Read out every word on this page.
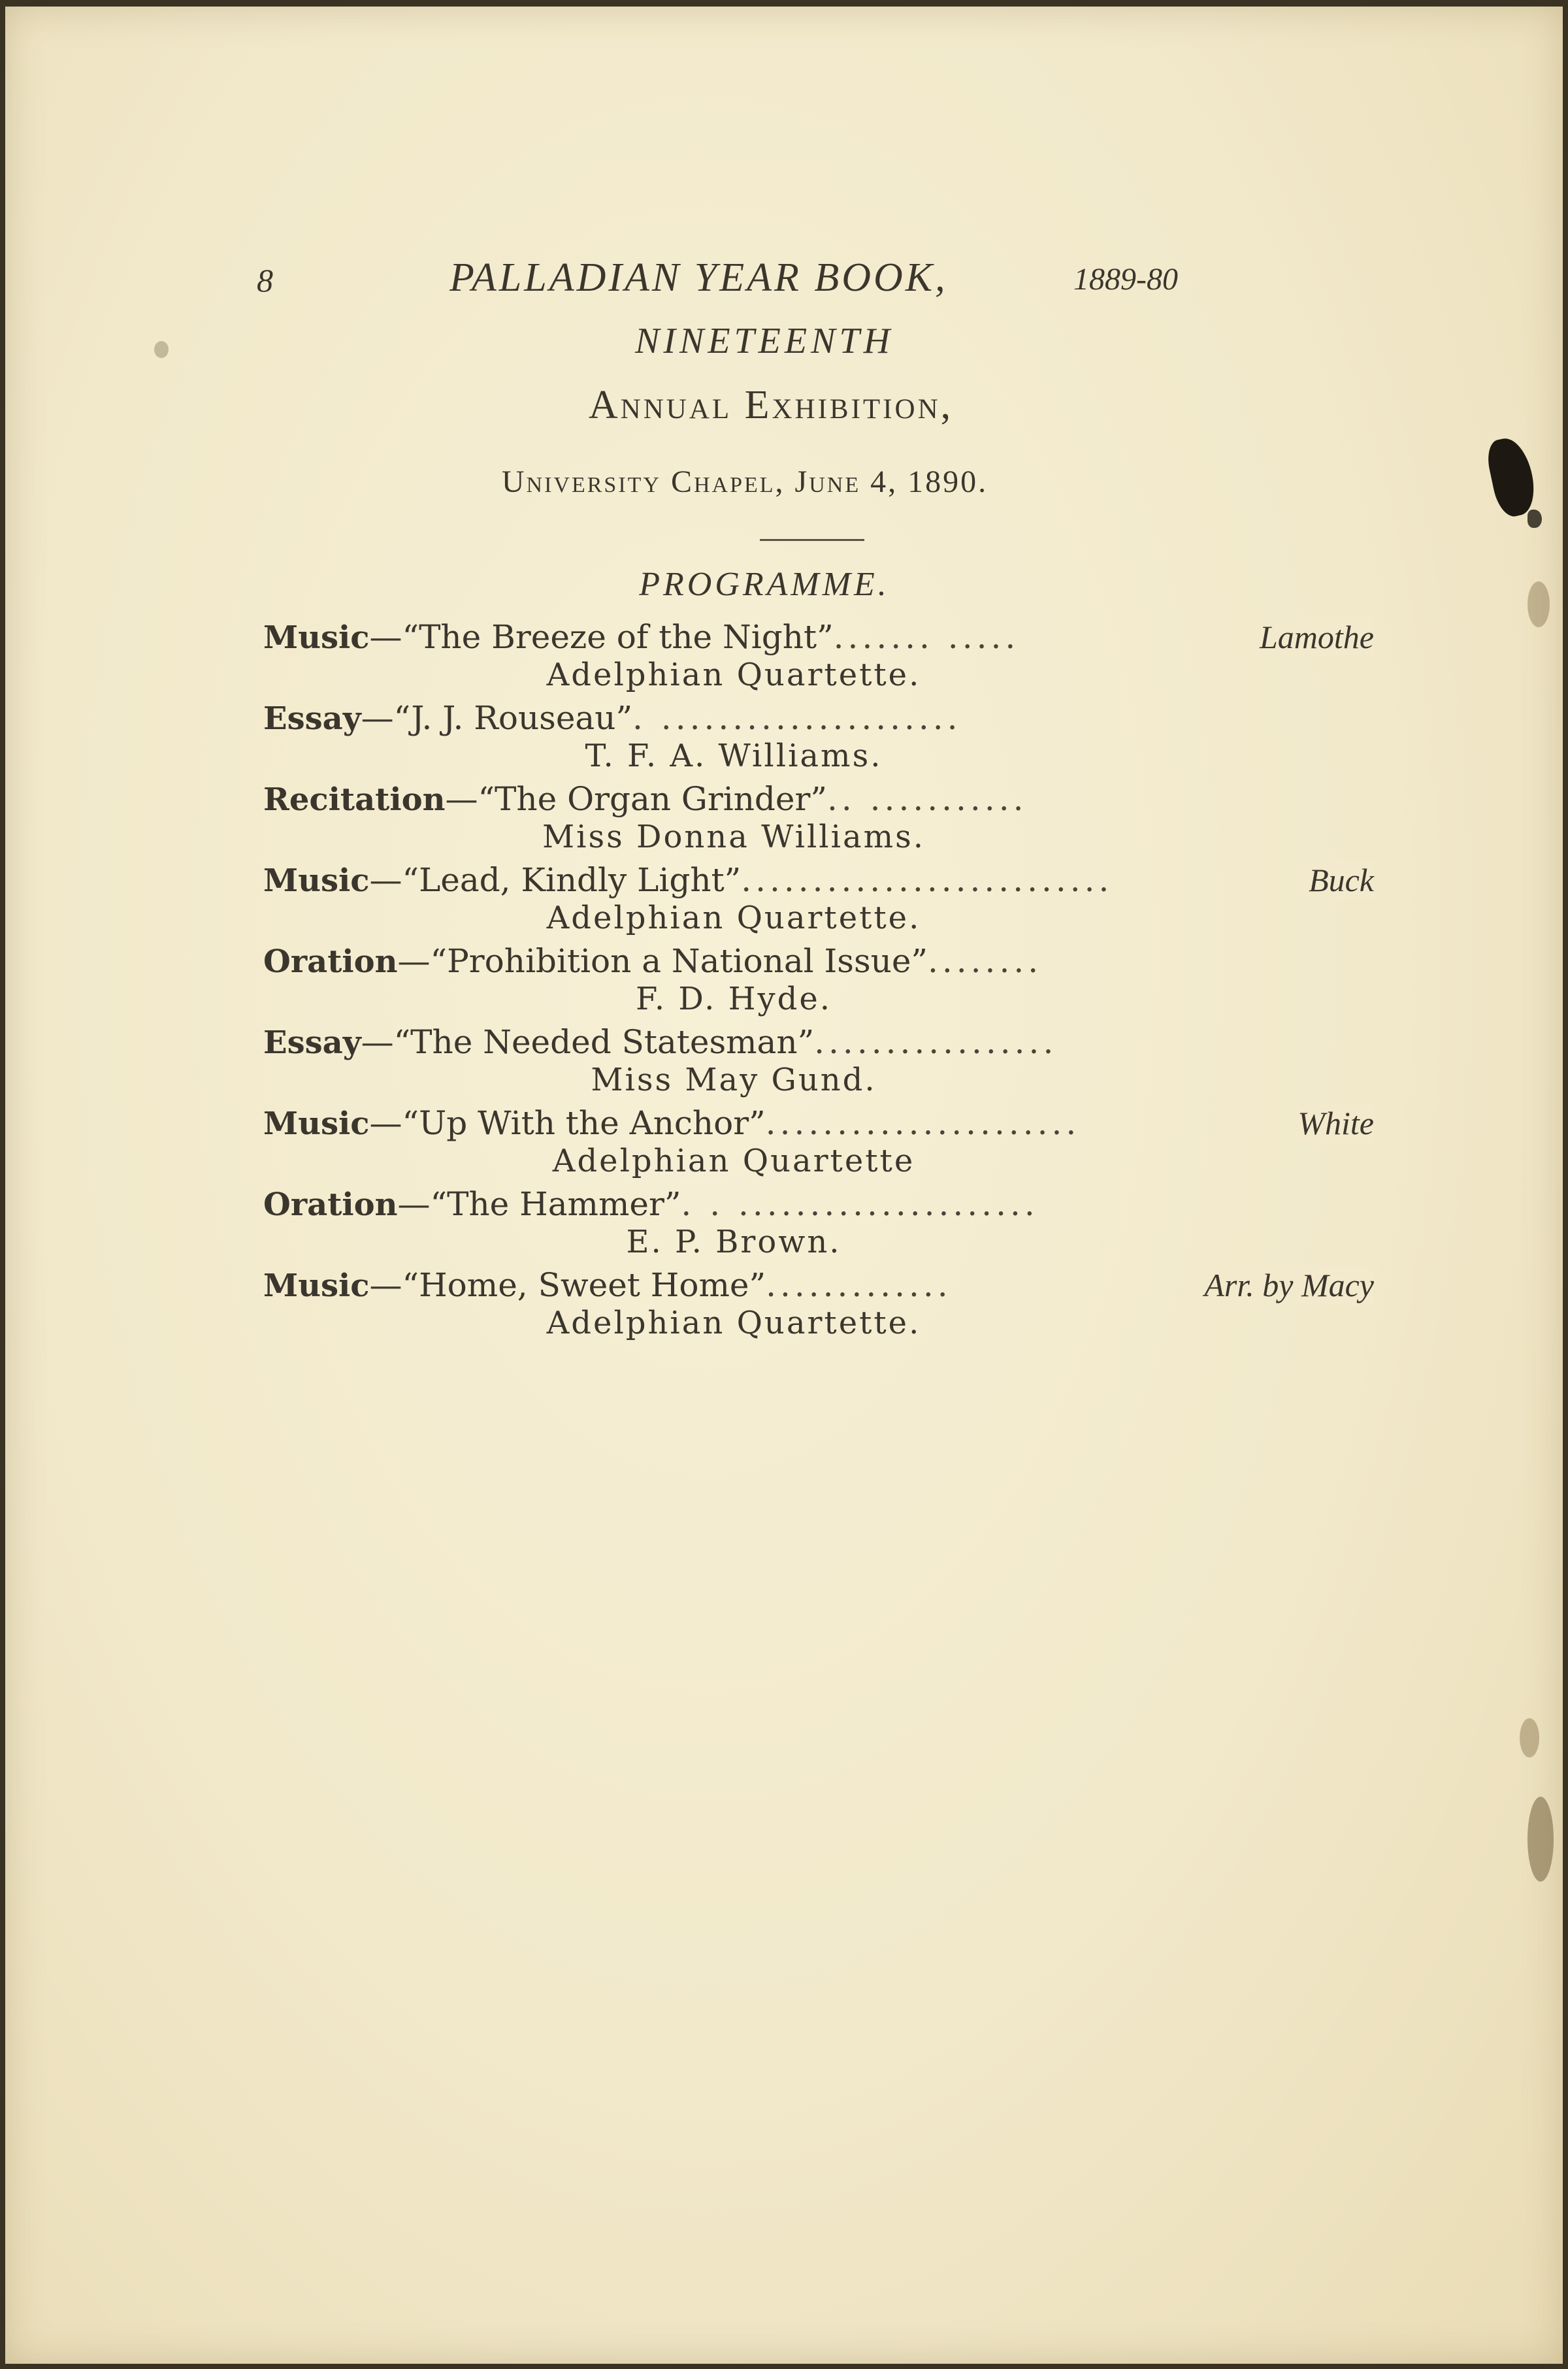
8	PALLADIAN YEAR BOOK,	1889-80
NINETEENTH
Annual Exhibition,
University Chapel, June 4, 1890.
PROGRAMME.
Music—“The Breeze of the Night”....... .....	Lamothe
Adelphian Quartette.
Essay—“J. J. Rouseau”. .....................
T. F. A. Williams.
Recitation—“The Organ Grinder”.. ...........
Miss Donna Williams.
Music—“Lead, Kindly Light”..........................	Buck
Adelphian Quartette.
Oration—“Prohibition a National Issue”........
F. D. Hyde.
Essay—“The Needed Statesman”.................
Miss May Gund.
Music—“Up With the Anchor”......................	White
Adelphian Quartette
Oration—“The Hammer”. . .....................
E. P. Brown.
Music—“Home, Sweet Home”.............	Arr. by Macy
Adelphian Quartette.
